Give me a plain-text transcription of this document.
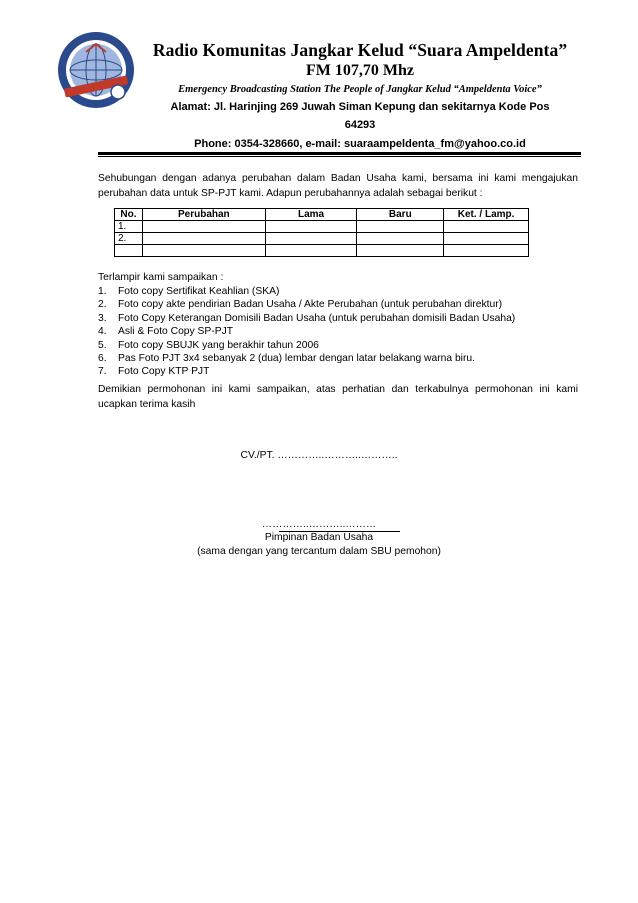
Radio Komunitas Jangkar Kelud “Suara Ampeldenta”
FM 107,70 Mhz
Emergency Broadcasting Station The People of Jangkar Kelud “Ampeldenta Voice”
Alamat: Jl. Harinjing 269 Juwah Siman Kepung dan sekitarnya Kode Pos
64293
Phone: 0354-328660, e-mail: suaraampeldenta_fm@yahoo.co.id
Sehubungan dengan adanya perubahan dalam Badan Usaha kami, bersama ini kami mengajukan perubahan data untuk SP-PJT kami. Adapun perubahannya adalah sebagai berikut :
No.	Perubahan	Lama	Baru	Ket. / Lamp.
1.				
2.				

Terlampir kami sampaikan :
1. Foto copy Sertifikat Keahlian (SKA)
2. Foto copy akte pendirian Badan Usaha / Akte Perubahan (untuk perubahan direktur)
3. Foto Copy Keterangan Domisili Badan Usaha (untuk perubahan domisili Badan Usaha)
4. Asli & Foto Copy SP-PJT
5. Foto copy SBUJK yang berakhir tahun 2006
6. Pas Foto PJT 3x4 sebanyak 2 (dua) lembar dengan latar belakang warna biru.
7. Foto Copy KTP PJT
Demikian permohonan ini kami sampaikan, atas perhatian dan terkabulnya permohonan ini kami ucapkan terima kasih
CV./PT. …………..………..………..
…………..………..………
Pimpinan Badan Usaha
(sama dengan yang tercantum dalam SBU pemohon)
